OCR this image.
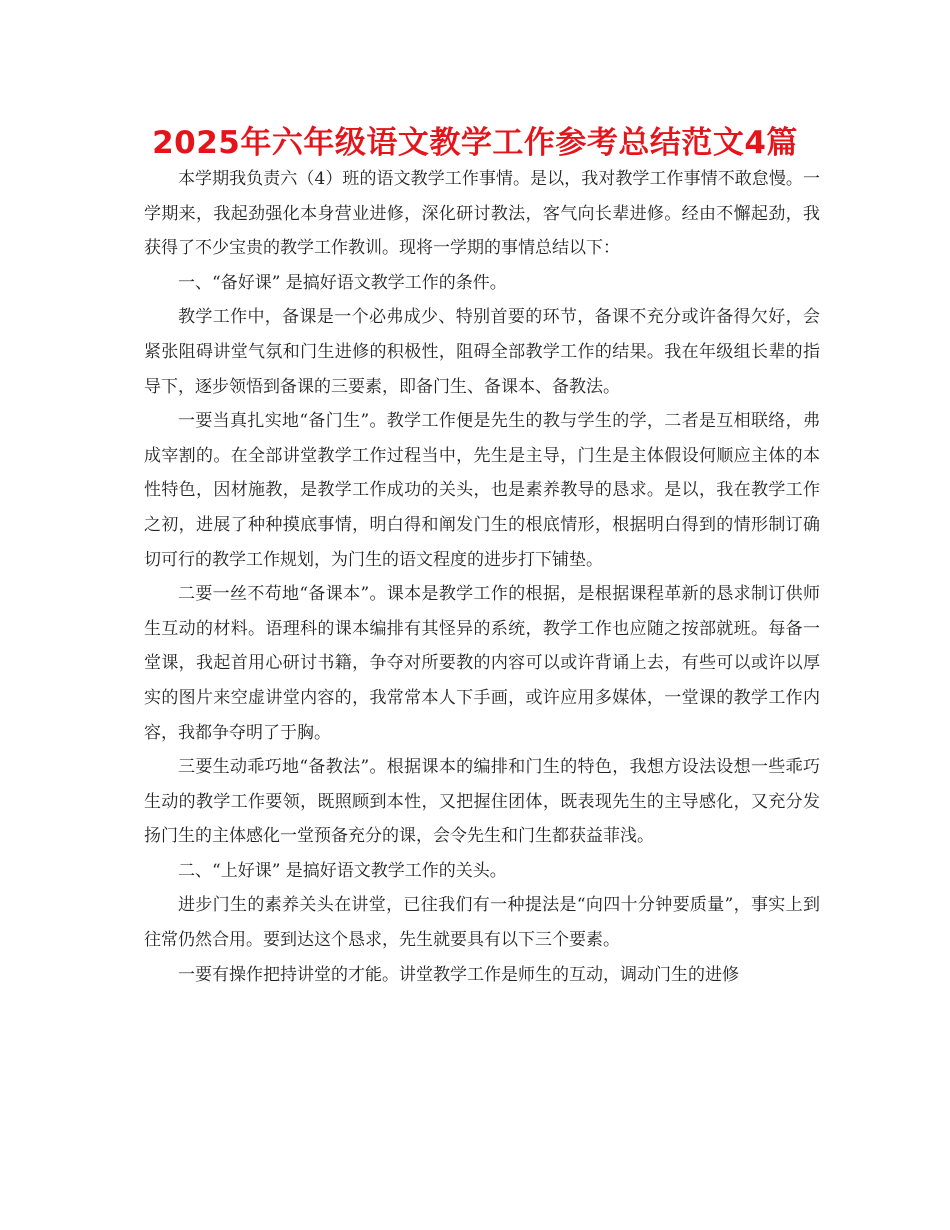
2025年六年级语文教学工作参考总结范文4篇

本学期我负责六（4）班的语文教学工作事情。是以，我对教学工作事情不敢怠慢。一学期来，我起劲强化本身营业进修，深化研讨教法，客气向长辈进修。经由不懈起劲，我获得了不少宝贵的教学工作教训。现将一学期的事情总结以下：

一、“备好课” 是搞好语文教学工作的条件。

教学工作中，备课是一个必弗成少、特别首要的环节，备课不充分或许备得欠好，会紧张阻碍讲堂气氛和门生进修的积极性，阻碍全部教学工作的结果。我在年级组长辈的指导下，逐步领悟到备课的三要素，即备门生、备课本、备教法。

一要当真扎实地“备门生”。教学工作便是先生的教与学生的学，二者是互相联络，弗成宰割的。在全部讲堂教学工作过程当中，先生是主导，门生是主体假设何顺应主体的本性特色，因材施教，是教学工作成功的关头，也是素养教导的恳求。是以，我在教学工作之初，进展了种种摸底事情，明白得和阐发门生的根底情形，根据明白得到的情形制订确切可行的教学工作规划，为门生的语文程度的进步打下铺垫。

二要一丝不苟地“备课本”。课本是教学工作的根据，是根据课程革新的恳求制订供师生互动的材料。语理科的课本编排有其怪异的系统，教学工作也应随之按部就班。每备一堂课，我起首用心研讨书籍，争夺对所要教的内容可以或许背诵上去，有些可以或许以厚实的图片来空虚讲堂内容的，我常常本人下手画，或许应用多媒体，一堂课的教学工作内容，我都争夺明了于胸。

三要生动乖巧地“备教法”。根据课本的编排和门生的特色，我想方设法设想一些乖巧生动的教学工作要领，既照顾到本性，又把握住团体，既表现先生的主导感化，又充分发扬门生的主体感化一堂预备充分的课，会令先生和门生都获益菲浅。

二、“上好课” 是搞好语文教学工作的关头。

进步门生的素养关头在讲堂，已往我们有一种提法是“向四十分钟要质量”，事实上到往常仍然合用。要到达这个恳求，先生就要具有以下三个要素。

一要有操作把持讲堂的才能。讲堂教学工作是师生的互动，调动门生的进修
